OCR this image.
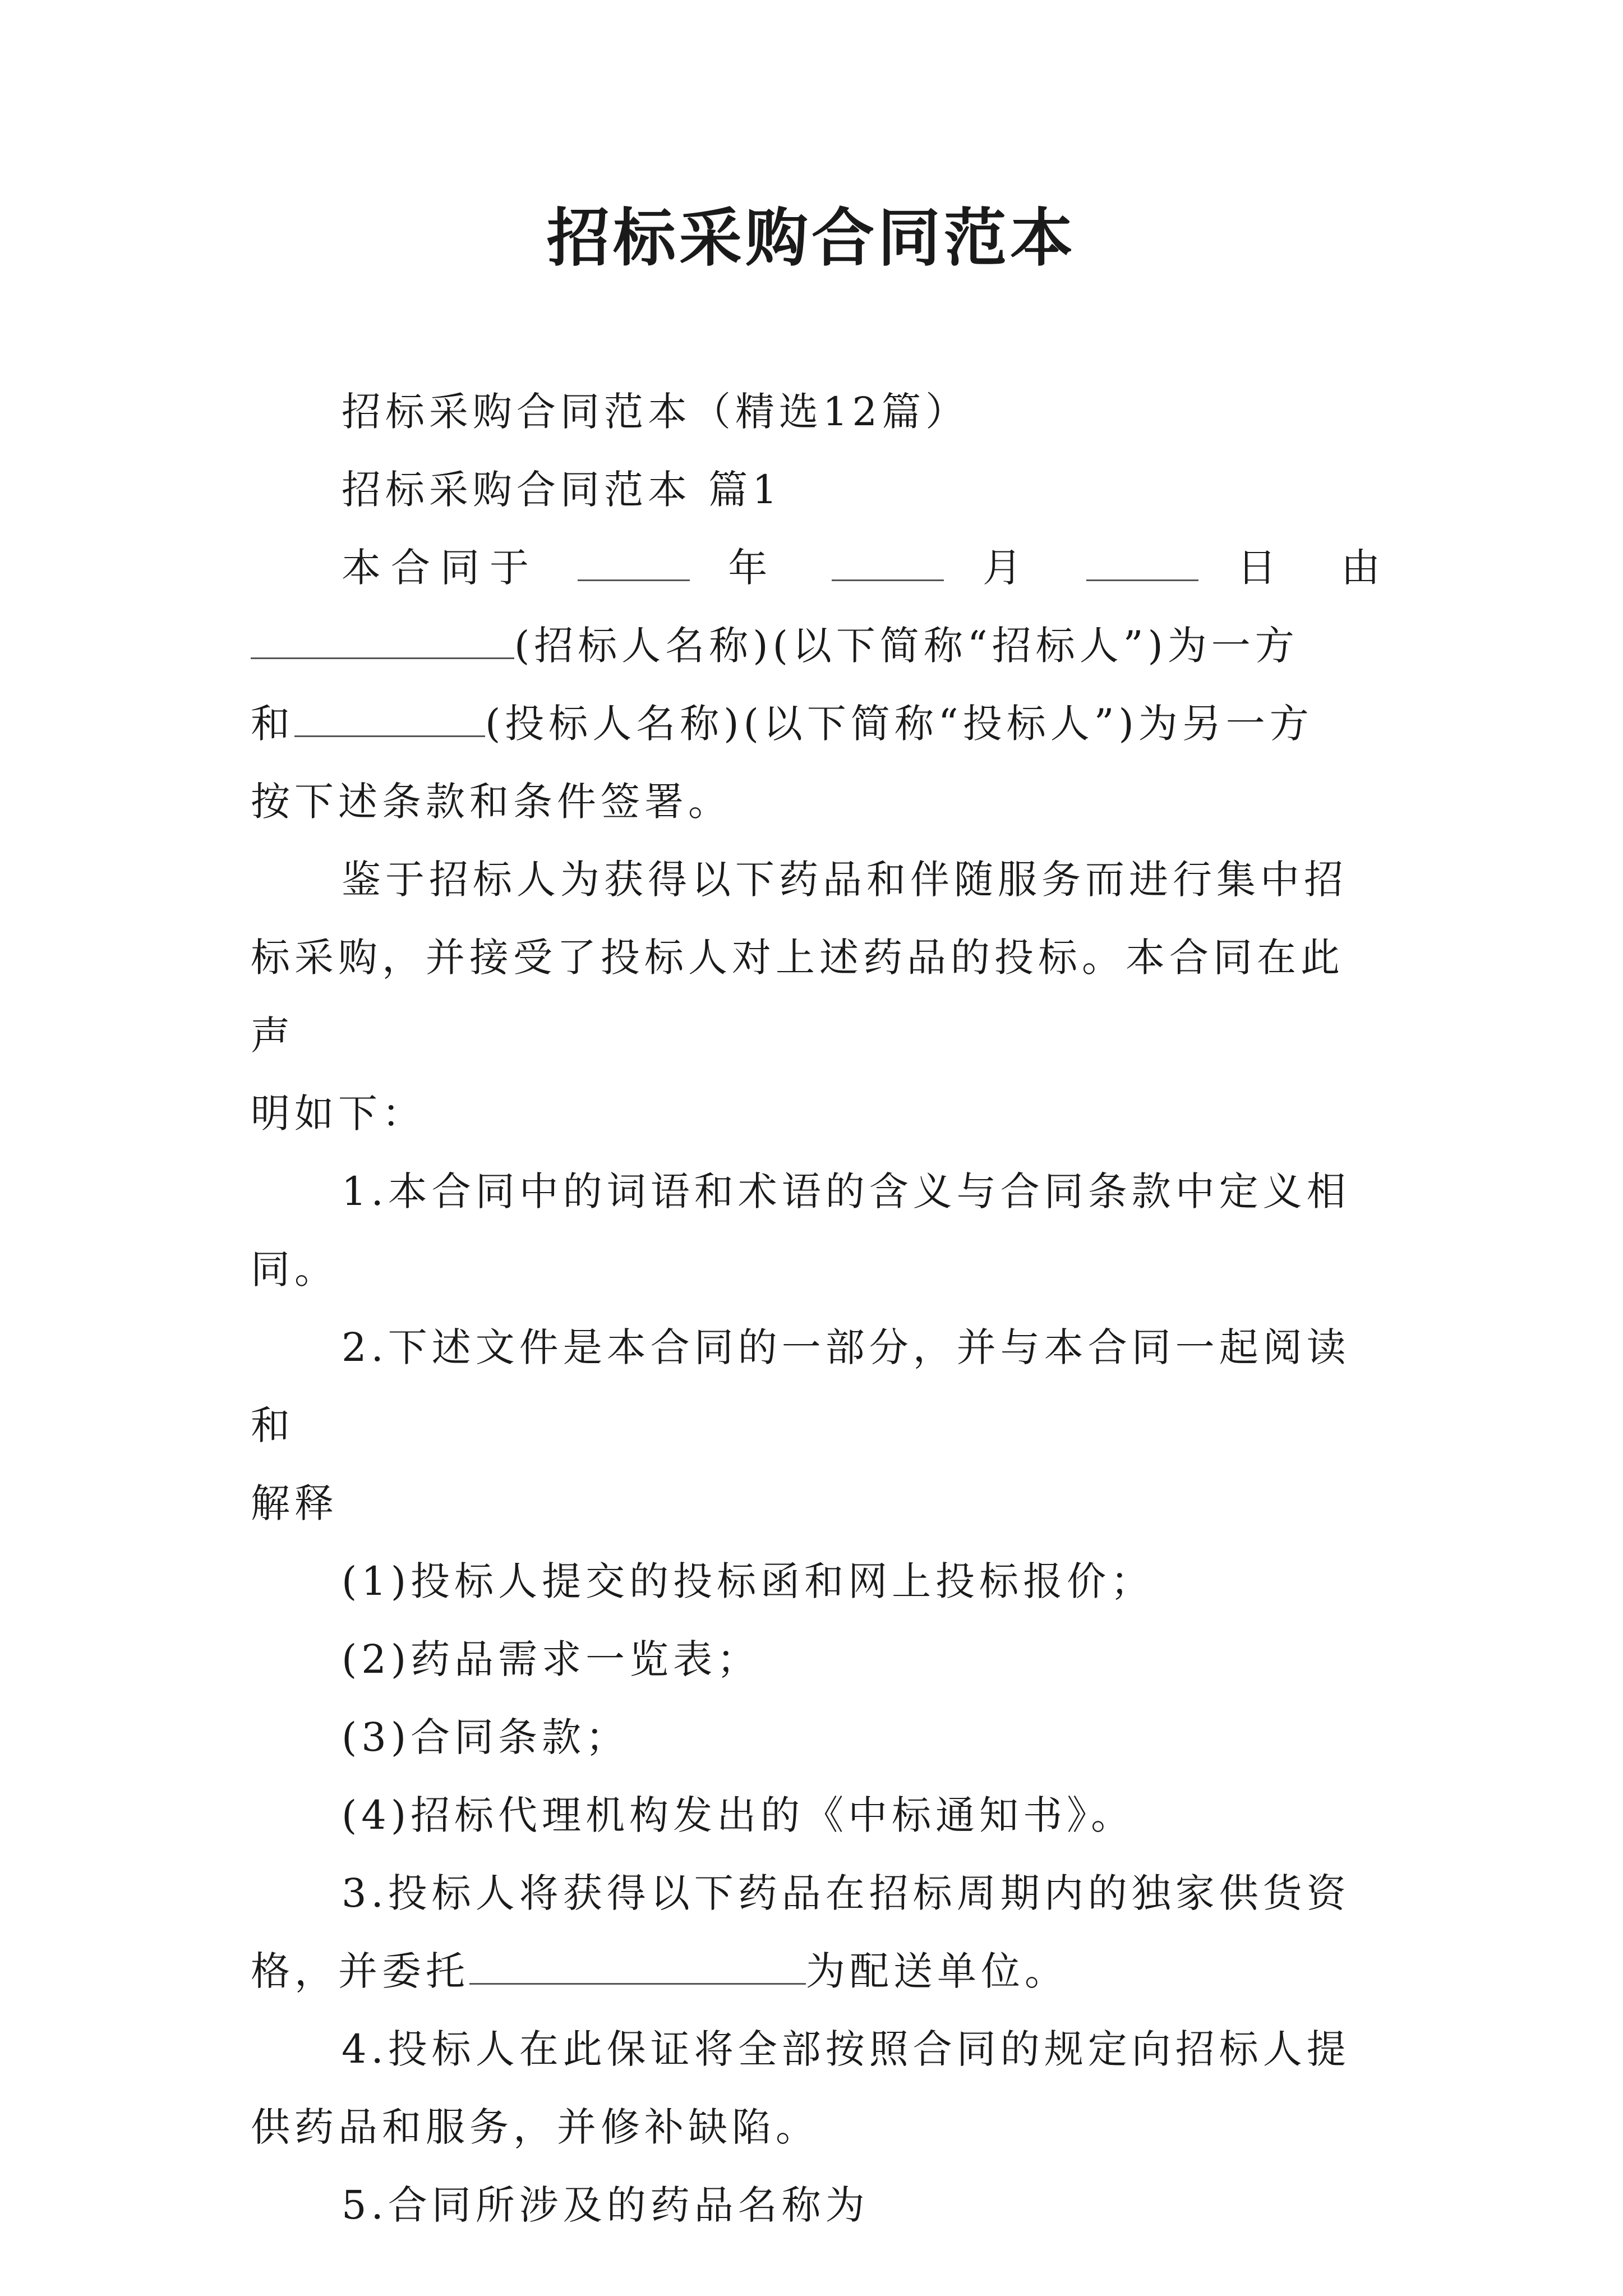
招标采购合同范本

招标采购合同范本（精选12篇）

招标采购合同范本 篇1

本 合 同 于	年	月	日 由

(招标人名称)(以下简称“招标人”)为一方

和	(投标人名称)(以下简称“投标人”)为另一方

按下述条款和条件签署。

鉴于招标人为获得以下药品和伴随服务而进行集中招

标采购，并接受了投标人对上述药品的投标。本合同在此声

明如下：

1.本合同中的词语和术语的含义与合同条款中定义相

同。

2.下述文件是本合同的一部分，并与本合同一起阅读和

解释

(1)投标人提交的投标函和网上投标报价；

(2)药品需求一览表；

(3)合同条款；

(4)招标代理机构发出的《中标通知书》。

3.投标人将获得以下药品在招标周期内的独家供货资

格，并委托	为配送单位。

4.投标人在此保证将全部按照合同的规定向招标人提

供药品和服务，并修补缺陷。

5.合同所涉及的药品名称为
